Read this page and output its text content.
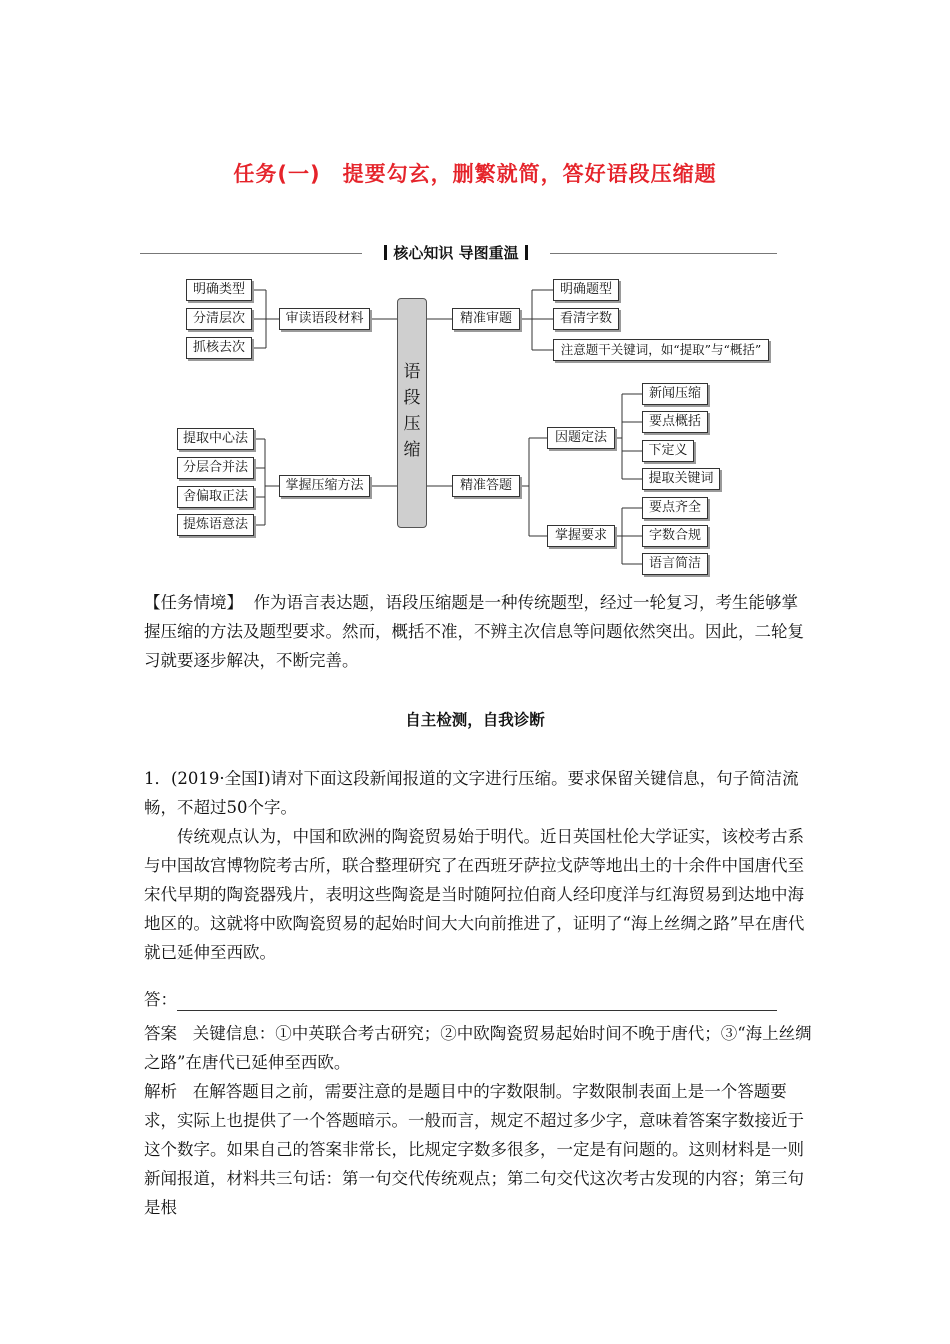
任务(一) 提要勾玄，删繁就简，答好语段压缩题
核心知识 导图重温
语
段
压
缩
明确类型
分清层次
抓核去次
审读语段材料
提取中心法
分层合并法
舍偏取正法
提炼语意法
掌握压缩方法
精准审题
明确题型
看清字数
注意题干关键词，如“提取”与“概括”
精准答题
因题定法
掌握要求
新闻压缩
要点概括
下定义
提取关键词
要点齐全
字数合规
语言简洁
【任务情境】 作为语言表达题，语段压缩题是一种传统题型，经过一轮复习，考生能够掌握压缩的方法及题型要求。然而，概括不准，不辨主次信息等问题依然突出。因此，二轮复习就要逐步解决，不断完善。
自主检测，自我诊断
1．(2019·全国Ⅰ)请对下面这段新闻报道的文字进行压缩。要求保留关键信息，句子简洁流畅，不超过50个字。
传统观点认为，中国和欧洲的陶瓷贸易始于明代。近日英国杜伦大学证实，该校考古系与中国故宫博物院考古所，联合整理研究了在西班牙萨拉戈萨等地出土的十余件中国唐代至宋代早期的陶瓷器残片，表明这些陶瓷是当时随阿拉伯商人经印度洋与红海贸易到达地中海地区的。这就将中欧陶瓷贸易的起始时间大大向前推进了，证明了“海上丝绸之路”早在唐代就已延伸至西欧。
答：
答案 关键信息：①中英联合考古研究；②中欧陶瓷贸易起始时间不晚于唐代；③“海上丝绸之路”在唐代已延伸至西欧。
解析 在解答题目之前，需要注意的是题目中的字数限制。字数限制表面上是一个答题要求，实际上也提供了一个答题暗示。一般而言，规定不超过多少字，意味着答案字数接近于这个数字。如果自己的答案非常长，比规定字数多很多，一定是有问题的。这则材料是一则新闻报道，材料共三句话：第一句交代传统观点；第二句交代这次考古发现的内容；第三句是根
